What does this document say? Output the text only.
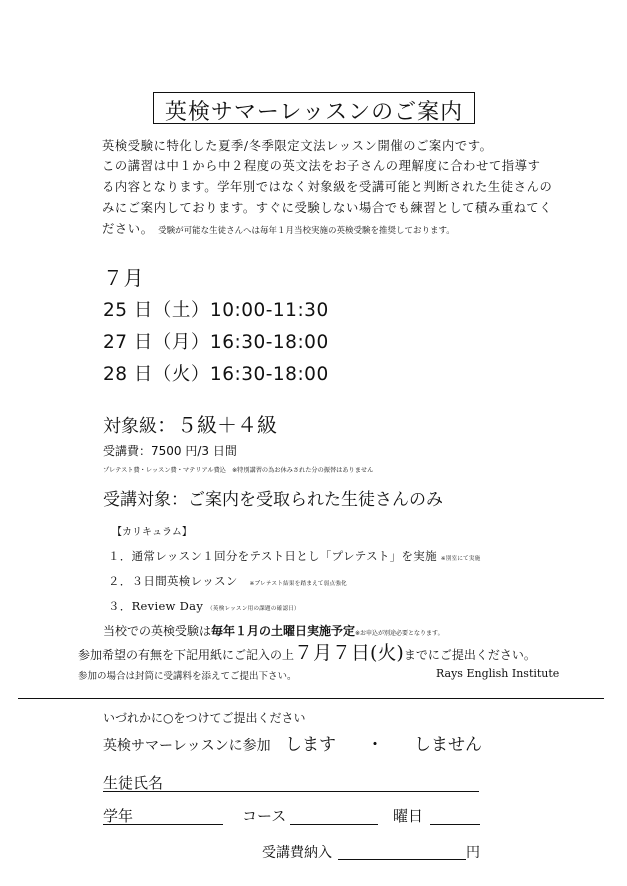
英検サマーレッスンのご案内
英検受験に特化した夏季/冬季限定文法レッスン開催のご案内です。
この講習は中１から中２程度の英文法をお子さんの理解度に合わせて指導す
る内容となります。学年別ではなく対象級を受講可能と判断された生徒さんの
みにご案内しております。すぐに受験しない場合でも練習として積み重ねてく
ださい。 受験が可能な生徒さんへは毎年１月当校実施の英検受験を推奨しております。
７月
25 日（土）10:00-11:30
27 日（月）16:30-18:00
28 日（火）16:30-18:00
対象級：５級＋４級
受講費：7500 円/3 日間
プレテスト費・レッスン費・マテリアル費込 ※特別講習の為お休みされた分の振替はありません
受講対象：ご案内を受取られた生徒さんのみ
【カリキュラム】
１．通常レッスン１回分をテスト日とし「プレテスト」を実施 ※別室にて実施
２．３日間英検レッスン ※プレテスト結果を踏まえて弱点強化
３．Review Day （英検レッスン用の課題の確認日）
当校での英検受験は毎年１月の土曜日実施予定※お申込が別途必要となります。
参加希望の有無を下記用紙にご記入の上７月７日(火)までにご提出ください。
参加の場合は封筒に受講料を添えてご提出下さい。	Rays English Institute
いづれかに○をつけてご提出ください
英検サマーレッスンに参加 します ・ しません
生徒氏名
学年	コース	曜日
受講費納入	円
